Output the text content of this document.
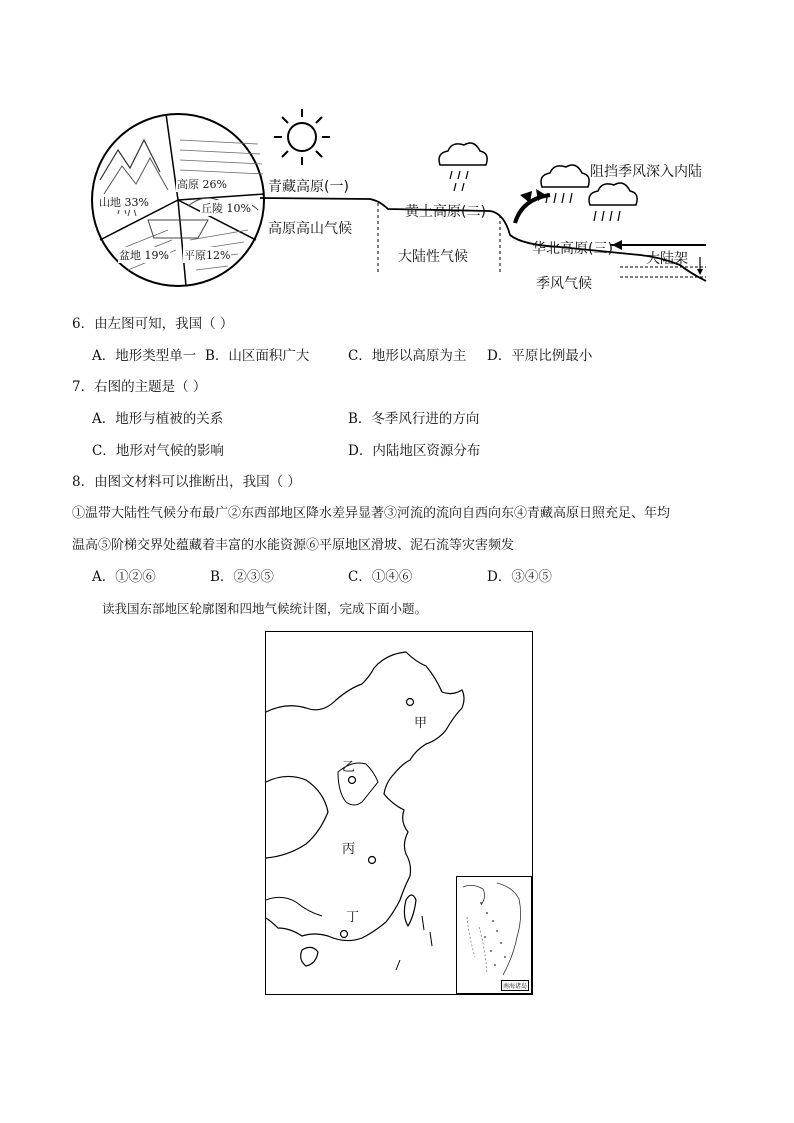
高原 26%
山地 33%	丘陵 10%
盆地 19% 平原12%
青藏高原(一)
高原高山气候
黄土高原(二)
大陆性气候	华北高原(三)
季风气候
大陆架
阻挡季风深入内陆
6．由左图可知，我国（ ）
A．地形类型单一 B．山区面积广大	C．地形以高原为主 D．平原比例最小
7．右图的主题是（ ）
A．地形与植被的关系	B．冬季风行进的方向
C．地形对气候的影响	D．内陆地区资源分布
8．由图文材料可以推断出，我国（ ）
①温带大陆性气候分布最广②东西部地区降水差异显著③河流的流向自西向东④青藏高原日照充足、年均
温高⑤阶梯交界处蕴藏着丰富的水能资源⑥平原地区滑坡、泥石流等灾害频发
A．①②⑥	B．②③⑤	C．①④⑥	D．③④⑤
读我国东部地区轮廓图和四地气候统计图，完成下面小题。
甲
乙
丙
丁
南海诸岛
